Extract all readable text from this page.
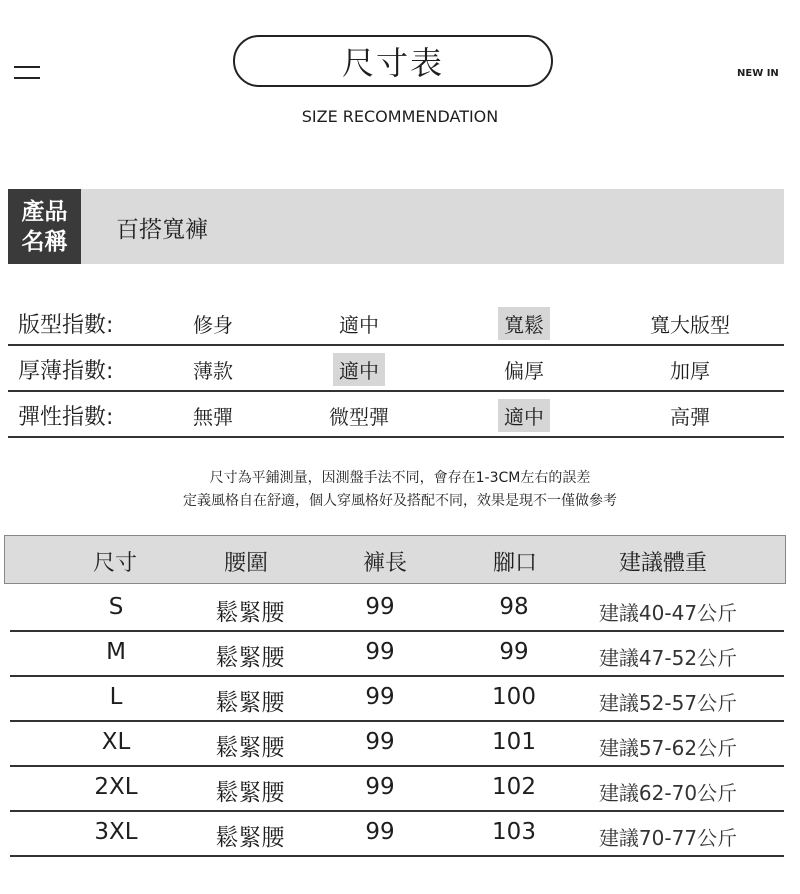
尺寸表	NEW IN
SIZE RECOMMENDATION
產品
名稱 百搭寬褲
版型指數:	修身	適中	寬鬆	寬大版型
厚薄指數:	薄款	適中	偏厚	加厚
彈性指數:	無彈	微型彈	適中	高彈
尺寸為平鋪測量，因測盤手法不同，會存在1-3CM左右的誤差
定義風格自在舒適，個人穿風格好及搭配不同，效果是現不一僅做參考
尺寸	腰圍	褲長	腳口	建議體重
S	鬆緊腰	99	98	建議40-47公斤
M	鬆緊腰	99	99	建議47-52公斤
L	鬆緊腰	99	100	建議52-57公斤
XL	鬆緊腰	99	101	建議57-62公斤
2XL	鬆緊腰	99	102	建議62-70公斤
3XL	鬆緊腰	99	103	建議70-77公斤
